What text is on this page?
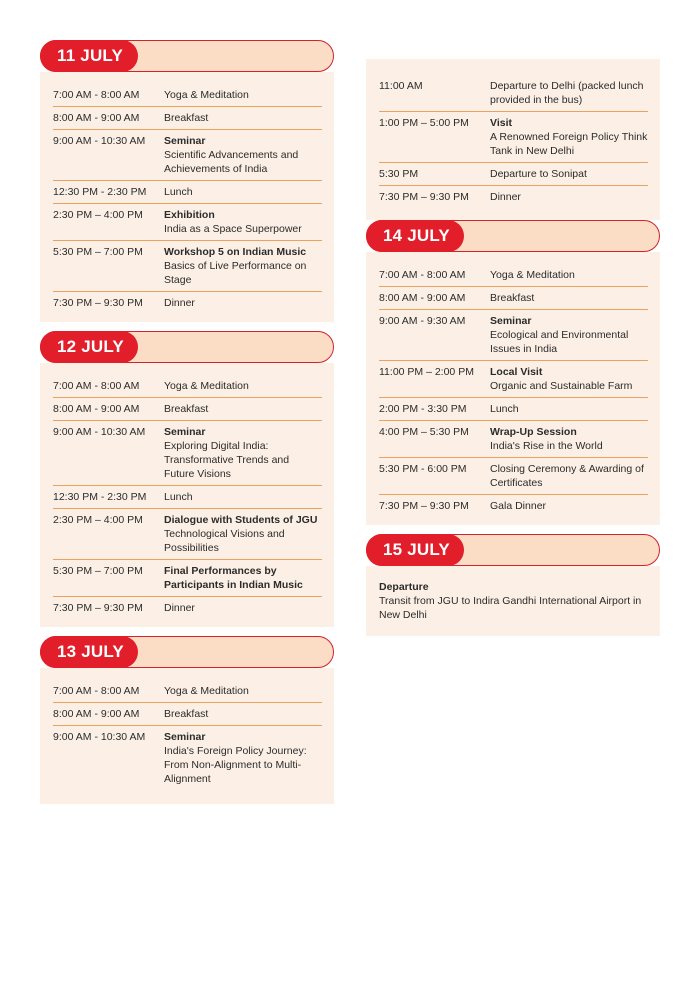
11 JULY
7:00 AM - 8:00 AM	Yoga & Meditation
8:00 AM - 9:00 AM	Breakfast
9:00 AM - 10:30 AM	Seminar
Scientific Advancements and Achievements of India
12:30 PM - 2:30 PM	Lunch
2:30 PM – 4:00 PM	Exhibition
India as a Space Superpower
5:30 PM – 7:00 PM	Workshop 5 on Indian Music
Basics of Live Performance on Stage
7:30 PM – 9:30 PM	Dinner
12 JULY
7:00 AM - 8:00 AM	Yoga & Meditation
8:00 AM - 9:00 AM	Breakfast
9:00 AM - 10:30 AM	Seminar
Exploring Digital India: Transformative Trends and Future Visions
12:30 PM - 2:30 PM	Lunch
2:30 PM – 4:00 PM	Dialogue with Students of JGU
Technological Visions and Possibilities
5:30 PM – 7:00 PM	Final Performances by Participants in Indian Music
7:30 PM – 9:30 PM	Dinner
13 JULY
7:00 AM - 8:00 AM	Yoga & Meditation
8:00 AM - 9:00 AM	Breakfast
9:00 AM - 10:30 AM	Seminar
India's Foreign Policy Journey: From Non-Alignment to Multi-Alignment
11:00 AM	Departure to Delhi (packed lunch provided in the bus)
1:00 PM – 5:00 PM	Visit
A Renowned Foreign Policy Think Tank in New Delhi
5:30 PM	Departure to Sonipat
7:30 PM – 9:30 PM	Dinner
14 JULY
7:00 AM - 8:00 AM	Yoga & Meditation
8:00 AM - 9:00 AM	Breakfast
9:00 AM - 9:30 AM	Seminar
Ecological and Environmental Issues in India
11:00 PM – 2:00 PM	Local Visit
Organic and Sustainable Farm
2:00 PM - 3:30 PM	Lunch
4:00 PM – 5:30 PM	Wrap-Up Session
India's Rise in the World
5:30 PM - 6:00 PM	Closing Ceremony & Awarding of Certificates
7:30 PM – 9:30 PM	Gala Dinner
15 JULY
Departure
Transit from JGU to Indira Gandhi International Airport in New Delhi
